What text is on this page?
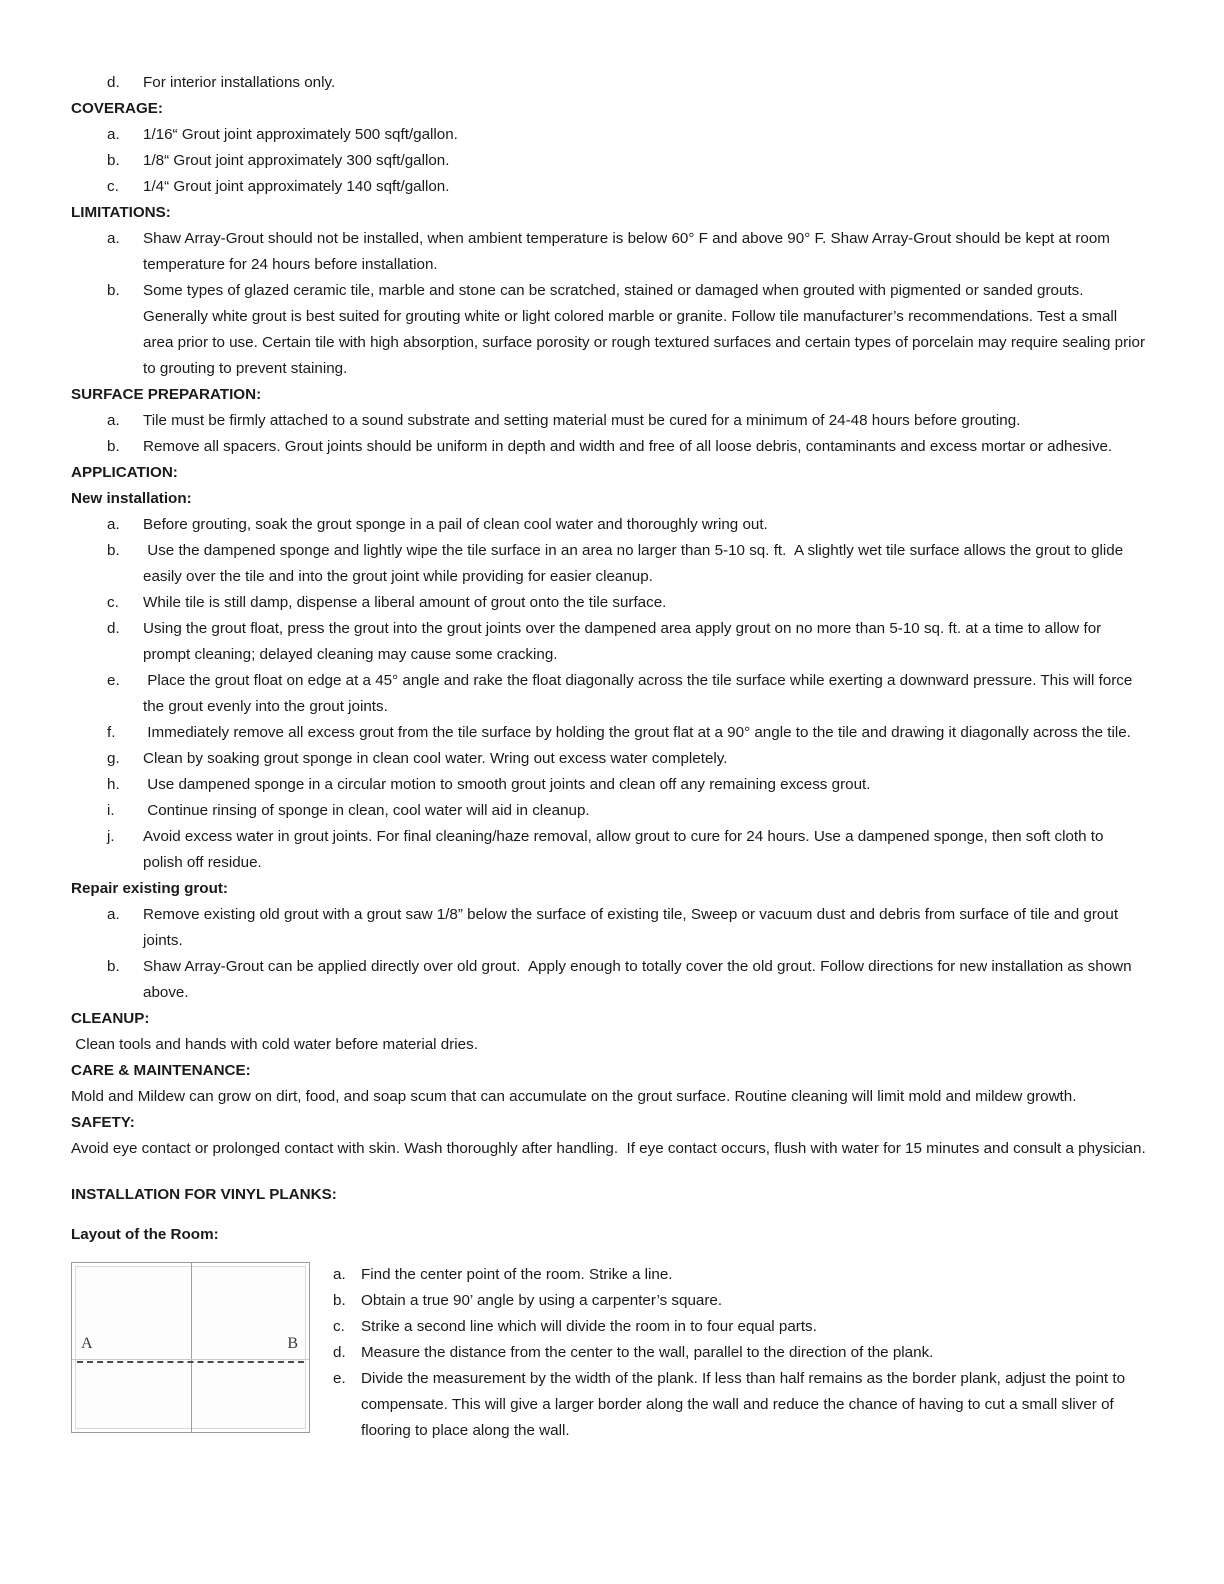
d.	For interior installations only.
COVERAGE:
a.	1/16“ Grout joint approximately 500 sqft/gallon.
b.	1/8“ Grout joint approximately 300 sqft/gallon.
c.	1/4“ Grout joint approximately 140 sqft/gallon.
LIMITATIONS:
a.	Shaw Array-Grout should not be installed, when ambient temperature is below 60° F and above 90° F. Shaw Array-Grout should be kept at room temperature for 24 hours before installation.
b.	Some types of glazed ceramic tile, marble and stone can be scratched, stained or damaged when grouted with pigmented or sanded grouts. Generally white grout is best suited for grouting white or light colored marble or granite. Follow tile manufacturer’s recommendations. Test a small area prior to use. Certain tile with high absorption, surface porosity or rough textured surfaces and certain types of porcelain may require sealing prior to grouting to prevent staining.
SURFACE PREPARATION:
a.	Tile must be firmly attached to a sound substrate and setting material must be cured for a minimum of 24-48 hours before grouting.
b.	Remove all spacers. Grout joints should be uniform in depth and width and free of all loose debris, contaminants and excess mortar or adhesive.
APPLICATION:
New installation:
a.	Before grouting, soak the grout sponge in a pail of clean cool water and thoroughly wring out.
b.	Use the dampened sponge and lightly wipe the tile surface in an area no larger than 5-10 sq. ft.  A slightly wet tile surface allows the grout to glide easily over the tile and into the grout joint while providing for easier cleanup.
c.	While tile is still damp, dispense a liberal amount of grout onto the tile surface.
d.	Using the grout float, press the grout into the grout joints over the dampened area apply grout on no more than 5-10 sq. ft. at a time to allow for prompt cleaning; delayed cleaning may cause some cracking.
e.	Place the grout float on edge at a 45° angle and rake the float diagonally across the tile surface while exerting a downward pressure. This will force the grout evenly into the grout joints.
f.	Immediately remove all excess grout from the tile surface by holding the grout flat at a 90° angle to the tile and drawing it diagonally across the tile.
g.	Clean by soaking grout sponge in clean cool water. Wring out excess water completely.
h.	Use dampened sponge in a circular motion to smooth grout joints and clean off any remaining excess grout.
i.	Continue rinsing of sponge in clean, cool water will aid in cleanup.
j.	Avoid excess water in grout joints. For final cleaning/haze removal, allow grout to cure for 24 hours. Use a dampened sponge, then soft cloth to polish off residue.
Repair existing grout:
a.	Remove existing old grout with a grout saw 1/8” below the surface of existing tile, Sweep or vacuum dust and debris from surface of tile and grout joints.
b.	Shaw Array-Grout can be applied directly over old grout.  Apply enough to totally cover the old grout. Follow directions for new installation as shown above.
CLEANUP:
Clean tools and hands with cold water before material dries.
CARE & MAINTENANCE:
Mold and Mildew can grow on dirt, food, and soap scum that can accumulate on the grout surface. Routine cleaning will limit mold and mildew growth.
SAFETY:
Avoid eye contact or prolonged contact with skin. Wash thoroughly after handling.  If eye contact occurs, flush with water for 15 minutes and consult a physician.
INSTALLATION FOR VINYL PLANKS:
Layout of the Room:
A	B
a.	Find the center point of the room. Strike a line.
b.	Obtain a true 90’ angle by using a carpenter’s square.
c.	Strike a second line which will divide the room in to four equal parts.
d.	Measure the distance from the center to the wall, parallel to the direction of the plank.
e.	Divide the measurement by the width of the plank. If less than half remains as the border plank, adjust the point to compensate. This will give a larger border along the wall and reduce the chance of having to cut a small sliver of flooring to place along the wall.
